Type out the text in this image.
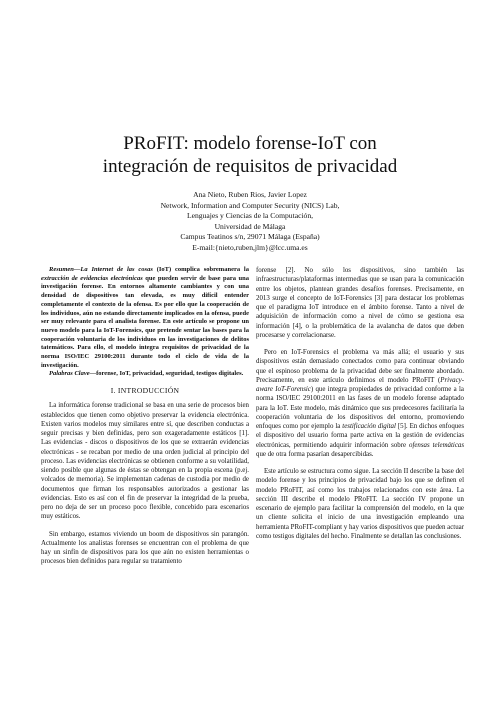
PRoFIT: modelo forense-IoT con
integración de requisitos de privacidad
Ana Nieto, Ruben Rios, Javier Lopez
Network, Information and Computer Security (NICS) Lab,
Lenguajes y Ciencias de la Computación,
Universidad de Málaga
Campus Teatinos s/n, 29071 Málaga (España)
E-mail:{nieto,ruben,jlm}@lcc.uma.es

Resumen—La Internet de las cosas (IoT) complica sobremanera la extracción de evidencias electrónicas que pueden servir de base para una investigación forense. En entornos altamente cambiantes y con una densidad de dispositivos tan elevada, es muy difícil entender completamente el contexto de la ofensa. Es por ello que la cooperación de los individuos, aún no estando directamente implicados en la ofensa, puede ser muy relevante para el analista forense. En este artículo se propone un nuevo modelo para la IoT-Forensics, que pretende sentar las bases para la cooperación voluntaria de los individuos en las investigaciones de delitos tatemáticos. Para ello, el modelo integra requisitos de privacidad de la norma ISO/IEC 29100:2011 durante todo el ciclo de vida de la investigación.

Palabras Clave—forense, IoT, privacidad, seguridad, testigos digitales.

I. INTRODUCCIÓN

La informática forense tradicional se basa en una serie de procesos bien establecidos que tienen como objetivo preservar la evidencia electrónica. Existen varios modelos muy similares entre sí, que describen conductas a seguir precisas y bien definidas, pero son exageradamente estáticos [1]. Las evidencias - discos o dispositivos de los que se extraerán evidencias electrónicas - se recaban por medio de una orden judicial al principio del proceso. Las evidencias electrónicas se obtienen conforme a su volatilidad, siendo posible que algunas de éstas se obtengan en la propia escena (p.ej. volcados de memoria). Se implementan cadenas de custodia por medio de documentos que firman los responsables autorizados a gestionar las evidencias. Esto es así con el fin de preservar la integridad de la prueba, pero no deja de ser un proceso poco flexible, concebido para escenarios muy estáticos.

Sin embargo, estamos viviendo un boom de dispositivos sin parangón. Actualmente los analistas forenses se encuentran con el problema de que hay un sinfín de dispositivos para los que aún no existen herramientas o procesos bien definidos para regular su tratamiento

forense [2]. No sólo los dispositivos, sino también las infraestructuras/plataformas intermedias que se usan para la comunicación entre los objetos, plantean grandes desafíos forenses. Precisamente, en 2013 surge el concepto de IoT-Forensics [3] para destacar los problemas que el paradigma IoT introduce en el ámbito forense. Tanto a nivel de adquisición de información como a nivel de cómo se gestiona esa información [4], o la problemática de la avalancha de datos que deben procesarse y correlacionarse.

Pero en IoT-Forensics el problema va más allá; el usuario y sus dispositivos están demasiado conectados como para continuar obviando que el espinoso problema de la privacidad debe ser finalmente abordado. Precisamente, en este artículo definimos el modelo PRoFIT (Privacy-aware IoT-Forensic) que integra propiedades de privacidad conforme a la norma ISO/IEC 29100:2011 en las fases de un modelo forense adaptado para la IoT. Este modelo, más dinámico que sus predecesores facilitaría la cooperación voluntaria de los dispositivos del entorno, promoviendo enfoques como por ejemplo la testificación digital [5]. En dichos enfoques el dispositivo del usuario forma parte activa en la gestión de evidencias electrónicas, permitiendo adquirir información sobre ofensas telemáticas que de otra forma pasarían desapercibidas.

Este artículo se estructura como sigue. La sección II describe la base del modelo forense y los principios de privacidad bajo los que se definen el modelo PRoFIT, así como los trabajos relacionados con este área. La sección III describe el modelo PRoFIT. La sección IV propone un escenario de ejemplo para facilitar la comprensión del modelo, en la que un cliente solicita el inicio de una investigación empleando una herramienta PRoFIT-compliant y hay varios dispositivos que pueden actuar como testigos digitales del hecho. Finalmente se detallan las conclusiones.
